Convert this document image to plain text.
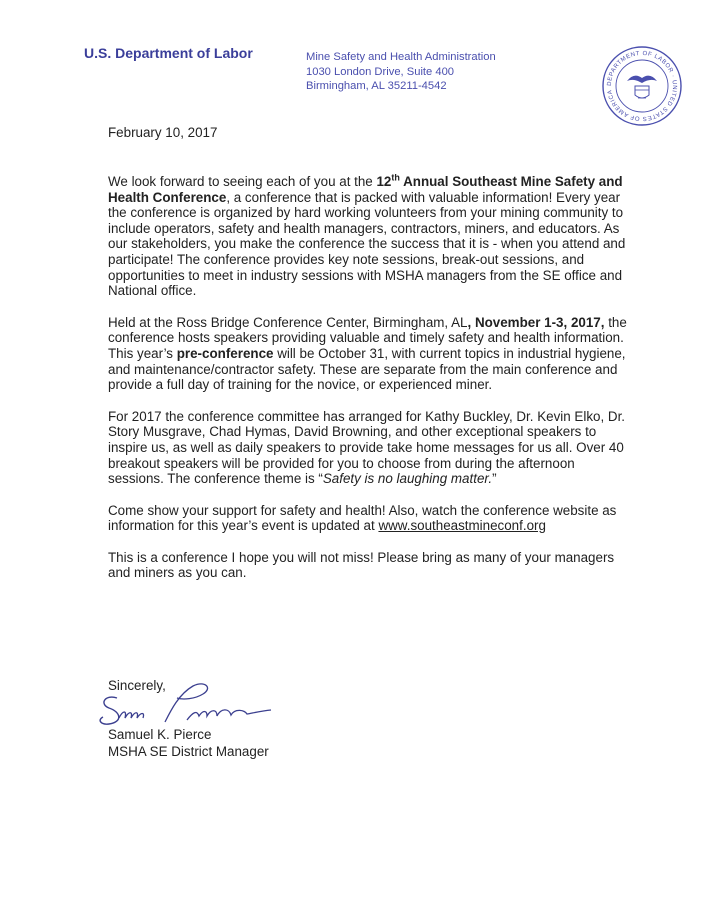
U.S. Department of Labor	Mine Safety and Health Administration
1030 London Drive, Suite 400
Birmingham, AL 35211-4542	DEPARTMENT OF LABOR · UNITED STATES OF AMERICA
February 10, 2017

We look forward to seeing each of you at the 12th Annual Southeast Mine Safety and Health Conference, a conference that is packed with valuable information! Every year the conference is organized by hard working volunteers from your mining community to include operators, safety and health managers, contractors, miners, and educators. As our stakeholders, you make the conference the success that it is - when you attend and participate! The conference provides key note sessions, break-out sessions, and opportunities to meet in industry sessions with MSHA managers from the SE office and National office.

Held at the Ross Bridge Conference Center, Birmingham, AL, November 1-3, 2017, the conference hosts speakers providing valuable and timely safety and health information. This year’s pre-conference will be October 31, with current topics in industrial hygiene, and maintenance/contractor safety. These are separate from the main conference and provide a full day of training for the novice, or experienced miner.

For 2017 the conference committee has arranged for Kathy Buckley, Dr. Kevin Elko, Dr. Story Musgrave, Chad Hymas, David Browning, and other exceptional speakers to inspire us, as well as daily speakers to provide take home messages for us all. Over 40 breakout speakers will be provided for you to choose from during the afternoon sessions. The conference theme is “Safety is no laughing matter.”

Come show your support for safety and health! Also, watch the conference website as information for this year’s event is updated at www.southeastmineconf.org

This is a conference I hope you will not miss! Please bring as many of your managers and miners as you can.

Sincerely,
Samuel K. Pierce
MSHA SE District Manager
